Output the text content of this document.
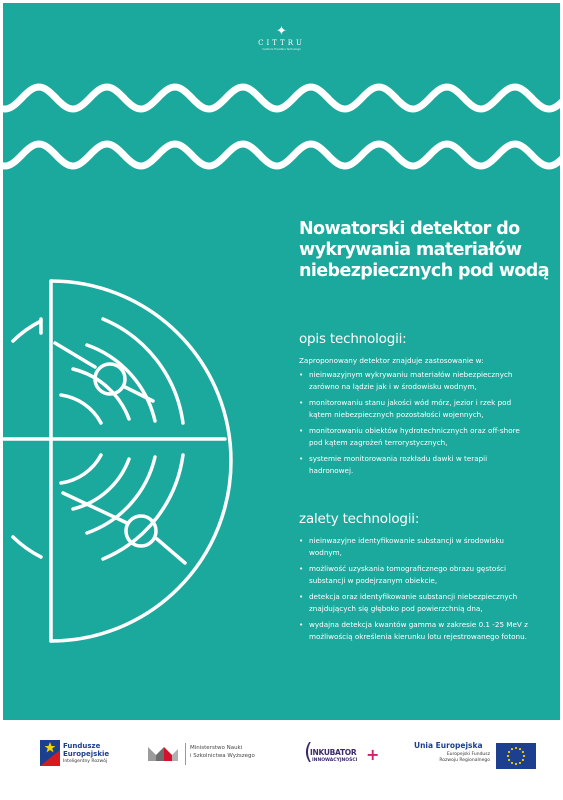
✦
CITTRU
Centrum Transferu Technologii
Nowatorski detektor do wykrywania materiałów niebezpiecznych pod wodą
opis technologii:
Zaproponowany detektor znajduje zastosowanie w:
• nieinwazyjnym wykrywaniu materiałów niebezpiecznych zarówno na lądzie jak i w środowisku wodnym,
• monitorowaniu stanu jakości wód mórz, jezior i rzek pod kątem niebezpiecznych pozostałości wojennych,
• monitorowaniu obiektów hydrotechnicznych oraz off-shore pod kątem zagrożeń terrorystycznych,
• systemie monitorowania rozkładu dawki w terapii hadronowej.
zalety technologii:
• nieinwazyjne identyfikowanie substancji w środowisku wodnym,
• możliwość uzyskania tomograficznego obrazu gęstości substancji w podejrzanym obiekcie,
• detekcja oraz identyfikowanie substancji niebezpiecznych znajdujących się głęboko pod powierzchnią dna,
• wydajna detekcja kwantów gamma w zakresie 0.1 -25 MeV z możliwością określenia kierunku lotu rejestrowanego fotonu.
Fundusze
Europejskie
Inteligentny Rozwój
Ministerstwo Nauki
i Szkolnictwa Wyższego (
INKUBATOR
INNOWACYJNOŚCI +	Unia Europejska
Europejski Fundusz
Rozwoju Regionalnego
